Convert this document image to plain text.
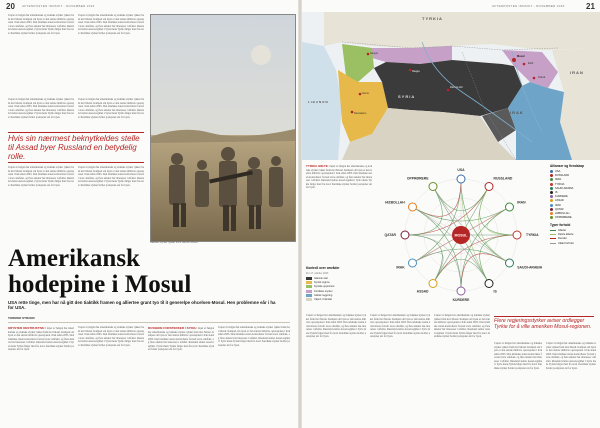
20 AFTENPOSTEN INNSIKT - NOVEMBER 2016
I løpet av helgen har amerikanske og irakiske styrker rykket frem mot Mosul. Kampen om byen er den største militære operasjonen i Irak siden 2003. Den islamske staten kontrollerer fortsatt store områder, og flere aktører har interesser i utfallet. Russland støtter Assad-regimet i Syria mens Tyrkia følger med fra nord. Kurdiske styrker holder posisjoner øst for byen.
I løpet av helgen har amerikanske og irakiske styrker rykket frem mot Mosul. Kampen om byen er den største militære operasjonen i Irak siden 2003. Den islamske staten kontrollerer fortsatt store områder, og flere aktører har interesser i utfallet. Russland støtter Assad-regimet i Syria mens Tyrkia følger med fra nord. Kurdiske styrker holder posisjoner øst for byen.
I løpet av helgen har amerikanske og irakiske styrker rykket frem mot Mosul. Kampen om byen er den største militære operasjonen i Irak siden 2003. Den islamske staten kontrollerer fortsatt store områder, og flere aktører har interesser i utfallet. Russland støtter Assad-regimet i Syria mens Tyrkia følger med fra nord. Kurdiske styrker holder posisjoner øst for byen.
I løpet av helgen har amerikanske og irakiske styrker rykket frem mot Mosul. Kampen om byen er den største militære operasjonen i Irak siden 2003. Den islamske staten kontrollerer fortsatt store områder, og flere aktører har interesser i utfallet. Russland støtter Assad-regimet i Syria mens Tyrkia følger med fra nord. Kurdiske styrker holder posisjoner øst for byen.
Hvis sin nærmest beknytkeldes stelle til Assad byer Russland en betydelig rolle.
I løpet av helgen har amerikanske og irakiske styrker rykket frem mot Mosul. Kampen om byen er den største militære operasjonen i Irak siden 2003. Den islamske staten kontrollerer fortsatt store områder, og flere aktører har interesser i utfallet. Russland støtter Assad-regimet i Syria mens Tyrkia følger med fra nord. Kurdiske styrker holder posisjoner øst for byen.
I løpet av helgen har amerikanske og irakiske styrker rykket frem mot Mosul. Kampen om byen er den største militære operasjonen i Irak siden 2003. Den islamske staten kontrollerer fortsatt store områder, og flere aktører har interesser i utfallet. Russland støtter Assad-regimet i Syria mens Tyrkia følger med fra nord. Kurdiske styrker holder posisjoner øst for byen.
Irakiske styrker rykker frem utenfor Mosul.
Amerikansk
hodepine i Mosul
USA rette tinge, men har nå gitt den tiaktikk framen og alliertee grant tyo til it generelpe ohcelsen-Mosul. Hen problemne eår i ha for USA.
TORMOD STRAND
KRYSTER DESTRUKTIVE I løpet av helgen har amerikanske og irakiske styrker rykket frem mot Mosul. Kampen om byen er den største militære operasjonen i Irak siden 2003. Den islamske staten kontrollerer fortsatt store områder, og flere aktører har interesser i utfallet. Russland støtter Assad-regimet i Syria mens Tyrkia følger med fra nord. Kurdiske styrker holder posisjoner øst for byen.
I løpet av helgen har amerikanske og irakiske styrker rykket frem mot Mosul. Kampen om byen er den største militære operasjonen i Irak siden 2003. Den islamske staten kontrollerer fortsatt store områder, og flere aktører har interesser i utfallet. Russland støtter Assad-regimet i Syria mens Tyrkia følger med fra nord. Kurdiske styrker holder posisjoner øst for byen.
RUSSERE FORSTERKER I SYRIA I løpet av helgen har amerikanske og irakiske styrker rykket frem mot Mosul. Kampen om byen er den største militære operasjonen i Irak siden 2003. Den islamske staten kontrollerer fortsatt store områder, og flere aktører har interesser i utfallet. Russland støtter Assad-regimet i Syria mens Tyrkia følger med fra nord. Kurdiske styrker holder posisjoner øst for byen.
I løpet av helgen har amerikanske og irakiske styrker rykket frem mot Mosul. Kampen om byen er den største militære operasjonen i Irak siden 2003. Den islamske staten kontrollerer fortsatt store områder, og flere aktører har interesser i utfallet. Russland støtter Assad-regimet i Syria mens Tyrkia følger med fra nord. Kurdiske styrker holder posisjoner øst for byen.
21
AFTENPOSTEN INNSIKT - NOVEMBER 2016
TYRKIA
SYRIA
IRAK
IRAN
LIBANON
Aleppo
Raqqa
Mosul
Damaskus
Homs
Kirkuk
Erbil
Deir ez-Zor
TYRKIA HØLTE I løpet av helgen har amerikanske og irakiske styrker rykket frem mot Mosul. Kampen om byen er den største militære operasjonen i Irak siden 2003. Den islamske staten kontrollerer fortsatt store områder, og flere aktører har interesser i utfallet. Russland støtter Assad-regimet i Syria mens Tyrkia følger med fra nord. Kurdiske styrker holder posisjoner øst for byen.
Kontroll over områder
Per 17. oktober 2016
Islamsk stat
Syrisk regime
Syriske opprørere
Kurdiske styrker
Irakisk regjering
Ukjent / blandet
USA
RUSSLAND
IRAN
TYRKIA
SAUDI-ARABIA
IS
KURDERE
ASSAD
IRAK
QATAR
HIZBOLLAH
OPPRØRERE
MOSUL
Allianser og fiendskap
USA
RUSSLAND
IRAN
TYRKIA
SAUDI-ARABIA
IS
KURDERE
ASSAD
IRAK
QATAR
HIZBOLLAH
OPPRØRERE
Typer forhold
Allierte
Delvis allierte
Fiender
Uklart forhold
Flere regjeringsstyrker aviser ordlegger Tyrkie for å ville ameriken Mosul-regionen.
I løpet av helgen har amerikanske og irakiske styrker rykket frem mot Mosul. Kampen om byen er den største militære operasjonen i Irak siden 2003. Den islamske staten kontrollerer fortsatt store områder, og flere aktører har interesser i utfallet. Russland støtter Assad-regimet i Syria mens Tyrkia følger med fra nord. Kurdiske styrker holder posisjoner øst for byen.
I løpet av helgen har amerikanske og irakiske styrker rykket frem mot Mosul. Kampen om byen er den største militære operasjonen i Irak siden 2003. Den islamske staten kontrollerer fortsatt store områder, og flere aktører har interesser i utfallet. Russland støtter Assad-regimet i Syria mens Tyrkia følger med fra nord. Kurdiske styrker holder posisjoner øst for byen.
I løpet av helgen har amerikanske og irakiske styrker rykket frem mot Mosul. Kampen om byen er den største militære operasjonen i Irak siden 2003. Den islamske staten kontrollerer fortsatt store områder, og flere aktører har interesser i utfallet. Russland støtter Assad-regimet i Syria mens Tyrkia følger med fra nord. Kurdiske styrker holder posisjoner øst for byen.
I løpet av helgen har amerikanske og irakiske styrker rykket frem mot Mosul. Kampen om byen er den største militære operasjonen i Irak siden 2003. Den islamske staten kontrollerer fortsatt store områder, og flere aktører har interesser i utfallet. Russland støtter Assad-regimet i Syria mens Tyrkia følger med fra nord. Kurdiske styrker holder posisjoner øst for byen.
I løpet av helgen har amerikanske og irakiske styrker rykket frem mot Mosul. Kampen om byen er den største militære operasjonen i Irak siden 2003. Den islamske staten kontrollerer fortsatt store områder, og flere aktører har interesser i utfallet. Russland støtter Assad-regimet i Syria mens Tyrkia følger med fra nord. Kurdiske styrker holder posisjoner øst for byen.
